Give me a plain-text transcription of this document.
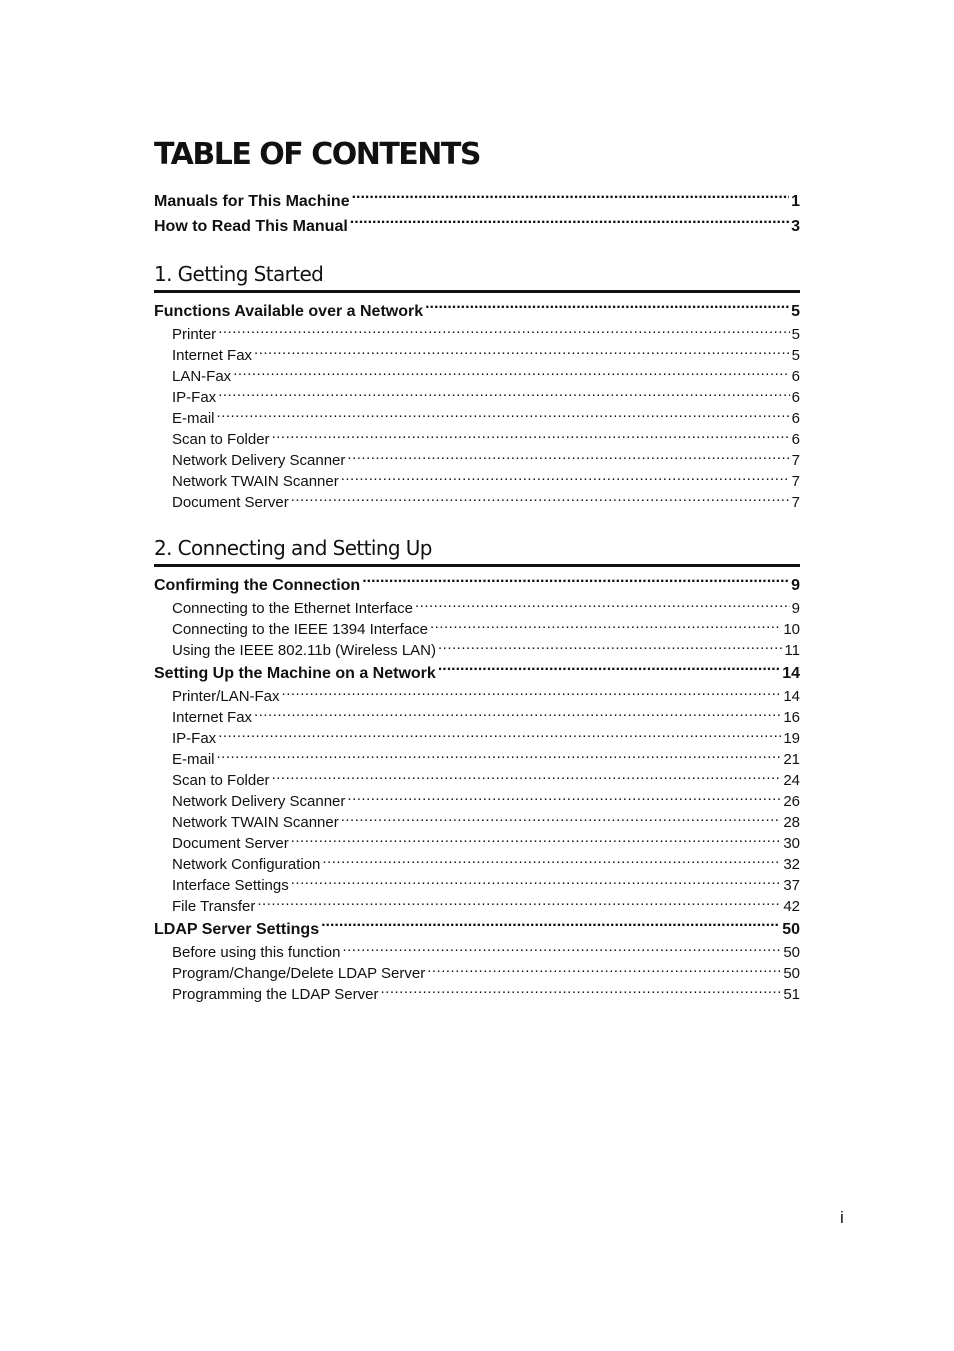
TABLE OF CONTENTS
Manuals for This Machine .....	1
How to Read This Manual .....	3
1. Getting Started
Functions Available over a Network .....	5
Printer .....	5
Internet Fax .....	5
LAN-Fax .....	6
IP-Fax .....	6
E-mail .....	6
Scan to Folder .....	6
Network Delivery Scanner .....	7
Network TWAIN Scanner .....	7
Document Server .....	7
2. Connecting and Setting Up
Confirming the Connection .....	9
Connecting to the Ethernet Interface .....	9
Connecting to the IEEE 1394 Interface .....	10
Using the IEEE 802.11b (Wireless LAN) .....	11
Setting Up the Machine on a Network .....	14
Printer/LAN-Fax .....	14
Internet Fax .....	16
IP-Fax .....	19
E-mail .....	21
Scan to Folder .....	24
Network Delivery Scanner .....	26
Network TWAIN Scanner .....	28
Document Server .....	30
Network Configuration .....	32
Interface Settings .....	37
File Transfer .....	42
LDAP Server Settings .....	50
Before using this function .....	50
Program/Change/Delete LDAP Server .....	50
Programming the LDAP Server .....	51
i
